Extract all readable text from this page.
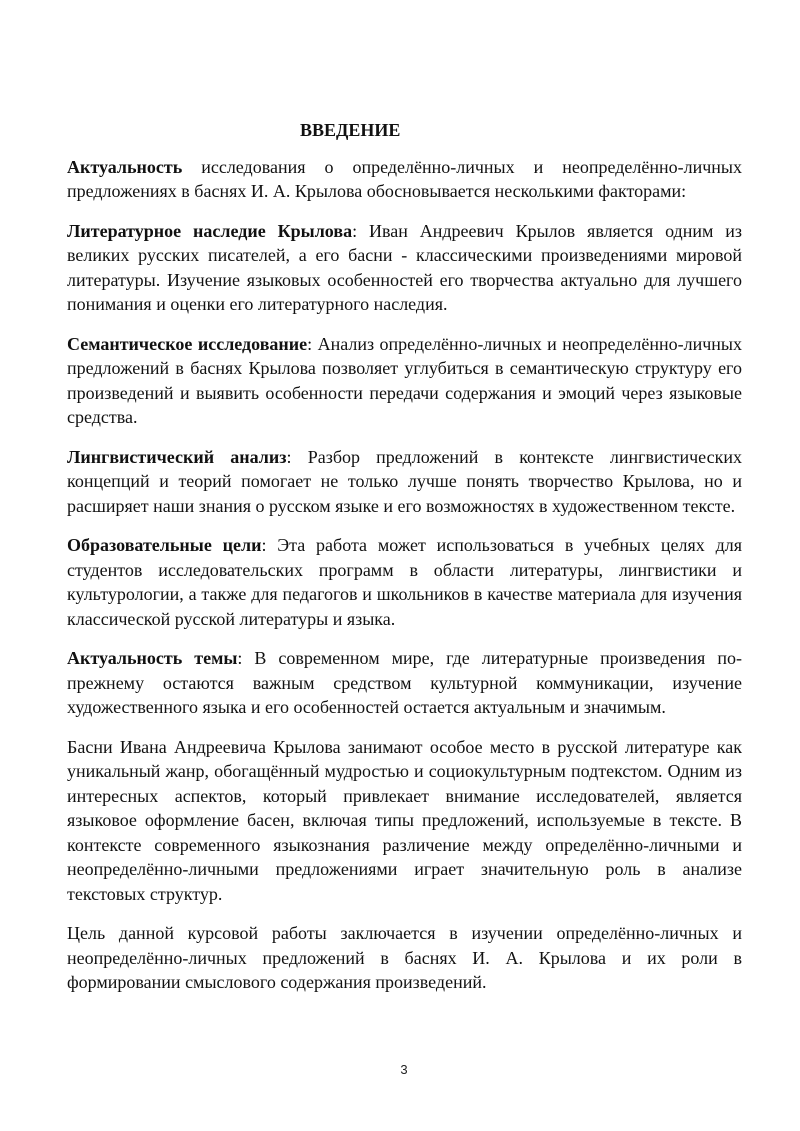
ВВЕДЕНИЕ

Актуальность исследования о определённо-личных и неопределённо-личных предложениях в баснях И. А. Крылова обосновывается несколькими факторами:

Литературное наследие Крылова: Иван Андреевич Крылов является одним из великих русских писателей, а его басни - классическими произведениями мировой литературы. Изучение языковых особенностей его творчества актуально для лучшего понимания и оценки его литературного наследия.

Семантическое исследование: Анализ определённо-личных и неопределённо-личных предложений в баснях Крылова позволяет углубиться в семантическую структуру его произведений и выявить особенности передачи содержания и эмоций через языковые средства.

Лингвистический анализ: Разбор предложений в контексте лингвистических концепций и теорий помогает не только лучше понять творчество Крылова, но и расширяет наши знания о русском языке и его возможностях в художественном тексте.

Образовательные цели: Эта работа может использоваться в учебных целях для студентов исследовательских программ в области литературы, лингвистики и культурологии, а также для педагогов и школьников в качестве материала для изучения классической русской литературы и языка.

Актуальность темы: В современном мире, где литературные произведения по-прежнему остаются важным средством культурной коммуникации, изучение художественного языка и его особенностей остается актуальным и значимым.

Басни Ивана Андреевича Крылова занимают особое место в русской литературе как уникальный жанр, обогащённый мудростью и социокультурным подтекстом. Одним из интересных аспектов, который привлекает внимание исследователей, является языковое оформление басен, включая типы предложений, используемые в тексте. В контексте современного языкознания различение между определённо-личными и неопределённо-личными предложениями играет значительную роль в анализе текстовых структур.

Цель данной курсовой работы заключается в изучении определённо-личных и неопределённо-личных предложений в баснях И. А. Крылова и их роли в формировании смыслового содержания произведений.

3
